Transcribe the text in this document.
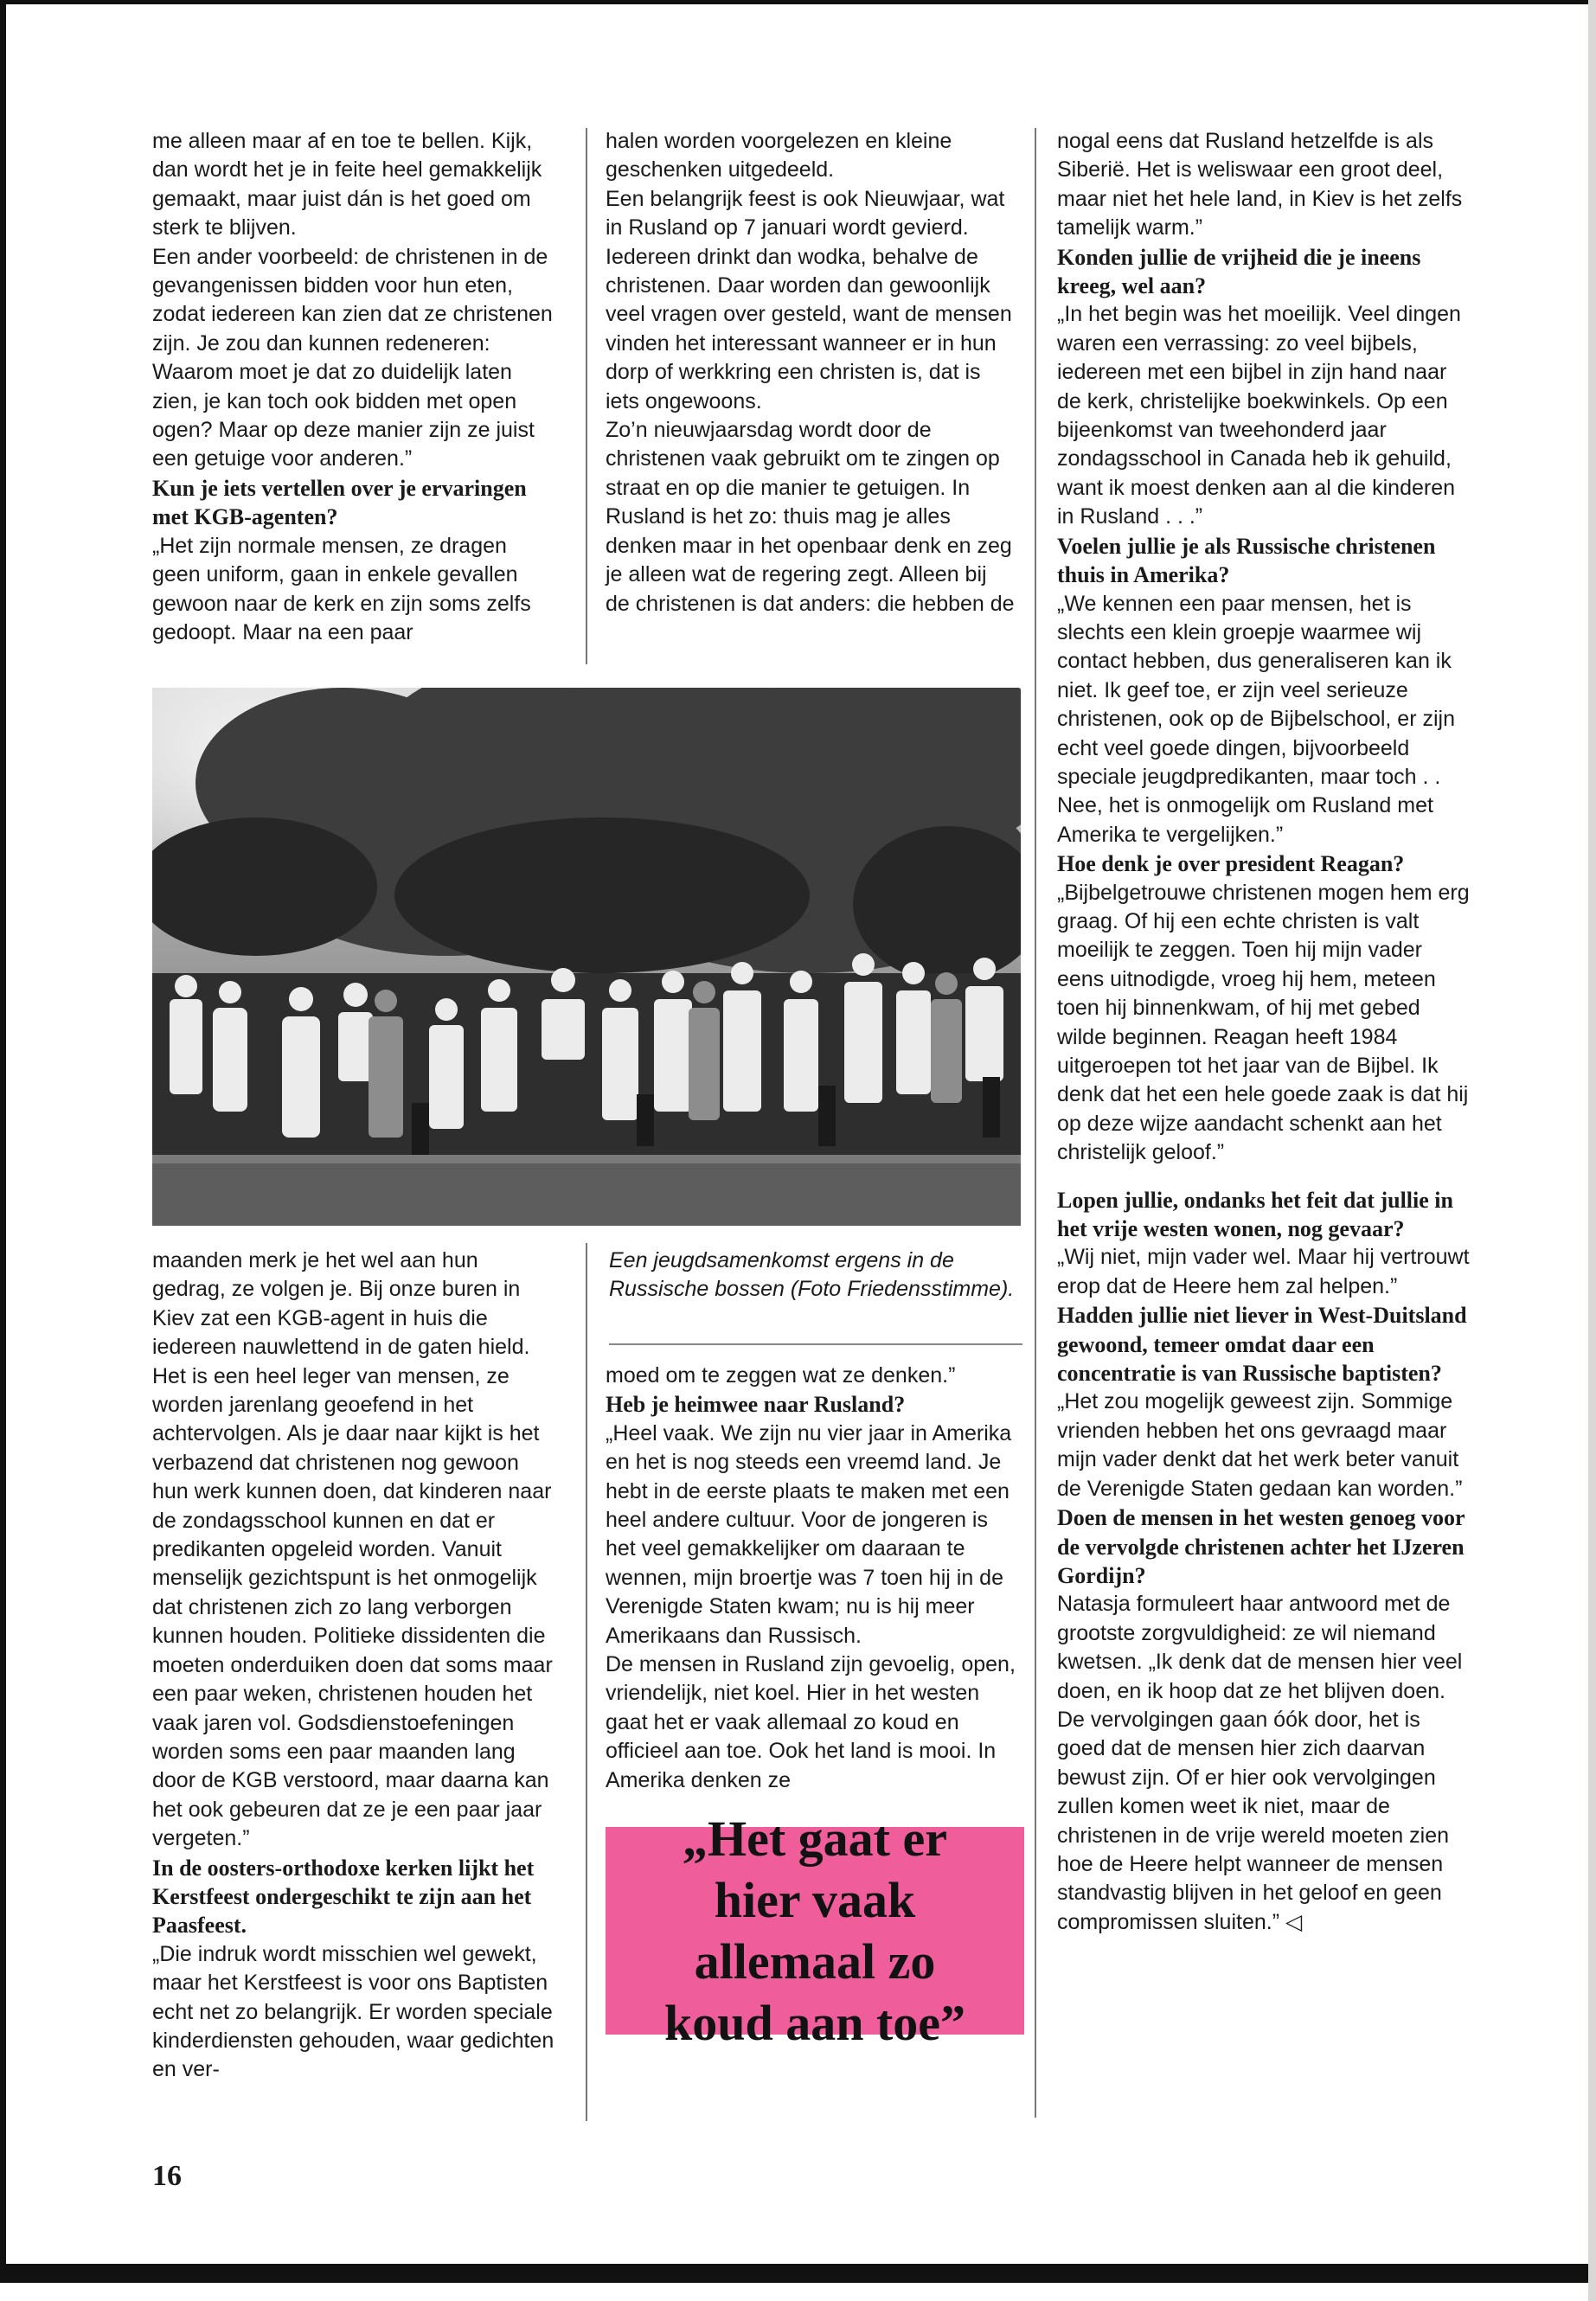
me alleen maar af en toe te bellen. Kijk, dan wordt het je in feite heel gemakkelijk gemaakt, maar juist dán is het goed om sterk te blijven.

Een ander voorbeeld: de christenen in de gevangenissen bidden voor hun eten, zodat iedereen kan zien dat ze christenen zijn. Je zou dan kunnen redeneren: Waarom moet je dat zo duidelijk laten zien, je kan toch ook bidden met open ogen? Maar op deze manier zijn ze juist een getuige voor anderen.”

Kun je iets vertellen over je ervaringen met KGB-agenten?

„Het zijn normale mensen, ze dragen geen uniform, gaan in enkele gevallen gewoon naar de kerk en zijn soms zelfs gedoopt. Maar na een paar

halen worden voorgelezen en kleine geschenken uitgedeeld.

Een belangrijk feest is ook Nieuwjaar, wat in Rusland op 7 januari wordt gevierd. Iedereen drinkt dan wodka, behalve de christenen. Daar worden dan gewoonlijk veel vragen over gesteld, want de mensen vinden het interessant wanneer er in hun dorp of werkkring een christen is, dat is iets ongewoons.

Zo’n nieuwjaarsdag wordt door de christenen vaak gebruikt om te zingen op straat en op die manier te getuigen. In Rusland is het zo: thuis mag je alles denken maar in het openbaar denk en zeg je alleen wat de regering zegt. Alleen bij de christenen is dat anders: die hebben de

nogal eens dat Rusland hetzelfde is als Siberië. Het is weliswaar een groot deel, maar niet het hele land, in Kiev is het zelfs tamelijk warm.”

Konden jullie de vrijheid die je ineens kreeg, wel aan?

„In het begin was het moeilijk. Veel dingen waren een verrassing: zo veel bijbels, iedereen met een bijbel in zijn hand naar de kerk, christelijke boekwinkels. Op een bijeenkomst van tweehonderd jaar zondagsschool in Canada heb ik gehuild, want ik moest denken aan al die kinderen in Rusland . . .”

Voelen jullie je als Russische christenen thuis in Amerika?

„We kennen een paar mensen, het is slechts een klein groepje waarmee wij contact hebben, dus generaliseren kan ik niet. Ik geef toe, er zijn veel serieuze christenen, ook op de Bijbelschool, er zijn echt veel goede dingen, bijvoorbeeld speciale jeugdpredikanten, maar toch . . Nee, het is onmogelijk om Rusland met Amerika te vergelijken.”

Hoe denk je over president Reagan?

„Bijbelgetrouwe christenen mogen hem erg graag. Of hij een echte christen is valt moeilijk te zeggen. Toen hij mijn vader eens uitnodigde, vroeg hij hem, meteen toen hij binnenkwam, of hij met gebed wilde beginnen. Reagan heeft 1984 uitgeroepen tot het jaar van de Bijbel. Ik denk dat het een hele goede zaak is dat hij op deze wijze aandacht schenkt aan het christelijk geloof.”

Lopen jullie, ondanks het feit dat jullie in het vrije westen wonen, nog gevaar?

„Wij niet, mijn vader wel. Maar hij vertrouwt erop dat de Heere hem zal helpen.”

Hadden jullie niet liever in West-Duitsland gewoond, temeer omdat daar een concentratie is van Russische baptisten?

„Het zou mogelijk geweest zijn. Sommige vrienden hebben het ons gevraagd maar mijn vader denkt dat het werk beter vanuit de Verenigde Staten gedaan kan worden.”

Doen de mensen in het westen genoeg voor de vervolgde christenen achter het IJzeren Gordijn?

Natasja formuleert haar antwoord met de grootste zorgvuldigheid: ze wil niemand kwetsen. „Ik denk dat de mensen hier veel doen, en ik hoop dat ze het blijven doen. De vervolgingen gaan óók door, het is goed dat de mensen hier zich daarvan bewust zijn. Of er hier ook vervolgingen zullen komen weet ik niet, maar de christenen in de vrije wereld moeten zien hoe de Heere helpt wanneer de mensen standvastig blijven in het geloof en geen compromissen sluiten.” ◁

Een jeugdsamenkomst ergens in de Russische bossen (Foto Friedensstimme).

maanden merk je het wel aan hun gedrag, ze volgen je. Bij onze buren in Kiev zat een KGB-agent in huis die iedereen nauwlettend in de gaten hield. Het is een heel leger van mensen, ze worden jarenlang geoefend in het achtervolgen. Als je daar naar kijkt is het verbazend dat christenen nog gewoon hun werk kunnen doen, dat kinderen naar de zondagsschool kunnen en dat er predikanten opgeleid worden. Vanuit menselijk gezichtspunt is het onmogelijk dat christenen zich zo lang verborgen kunnen houden. Politieke dissidenten die moeten onderduiken doen dat soms maar een paar weken, christenen houden het vaak jaren vol. Godsdienstoefeningen worden soms een paar maanden lang door de KGB verstoord, maar daarna kan het ook gebeuren dat ze je een paar jaar vergeten.”

In de oosters-orthodoxe kerken lijkt het Kerstfeest ondergeschikt te zijn aan het Paasfeest.

„Die indruk wordt misschien wel gewekt, maar het Kerstfeest is voor ons Baptisten echt net zo belangrijk. Er worden speciale kinderdiensten gehouden, waar gedichten en ver-

moed om te zeggen wat ze denken.”

Heb je heimwee naar Rusland?

„Heel vaak. We zijn nu vier jaar in Amerika en het is nog steeds een vreemd land. Je hebt in de eerste plaats te maken met een heel andere cultuur. Voor de jongeren is het veel gemakkelijker om daaraan te wennen, mijn broertje was 7 toen hij in de Verenigde Staten kwam; nu is hij meer Amerikaans dan Russisch.

De mensen in Rusland zijn gevoelig, open, vriendelijk, niet koel. Hier in het westen gaat het er vaak allemaal zo koud en officieel aan toe. Ook het land is mooi. In Amerika denken ze

„Het gaat er
hier vaak
allemaal zo
koud aan toe”
16
